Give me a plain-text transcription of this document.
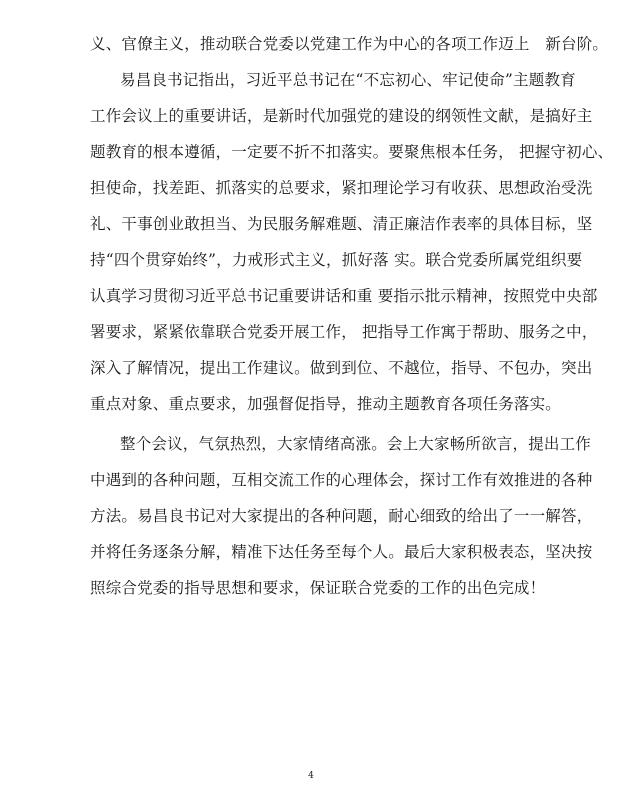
义、官僚主义，推动联合党委以党建工作为中心的各项工作迈上　新台阶。
易昌良书记指出，习近平总书记在“不忘初心、牢记使命”主题教育
工作会议上的重要讲话，是新时代加强党的建设的纲领性文献，是搞好主
题教育的根本遵循，一定要不折不扣落实。要聚焦根本任务， 把握守初心、
担使命，找差距、抓落实的总要求，紧扣理论学习有收获、思想政治受洗
礼、干事创业敢担当、为民服务解难题、清正廉洁作表率的具体目标，坚
持“四个贯穿始终”，力戒形式主义，抓好落 实。联合党委所属党组织要
认真学习贯彻习近平总书记重要讲话和重 要指示批示精神，按照党中央部
署要求，紧紧依靠联合党委开展工作， 把指导工作寓于帮助、服务之中，
深入了解情况，提出工作建议。做到到位、不越位，指导、不包办，突出
重点对象、重点要求，加强督促指导，推动主题教育各项任务落实。
整个会议，气氛热烈，大家情绪高涨。会上大家畅所欲言，提出工作
中遇到的各种问题，互相交流工作的心理体会，探讨工作有效推进的各种
方法。易昌良书记对大家提出的各种问题，耐心细致的给出了一一解答，
并将任务逐条分解，精准下达任务至每个人。最后大家积极表态，坚决按
照综合党委的指导思想和要求，保证联合党委的工作的出色完成！
4
